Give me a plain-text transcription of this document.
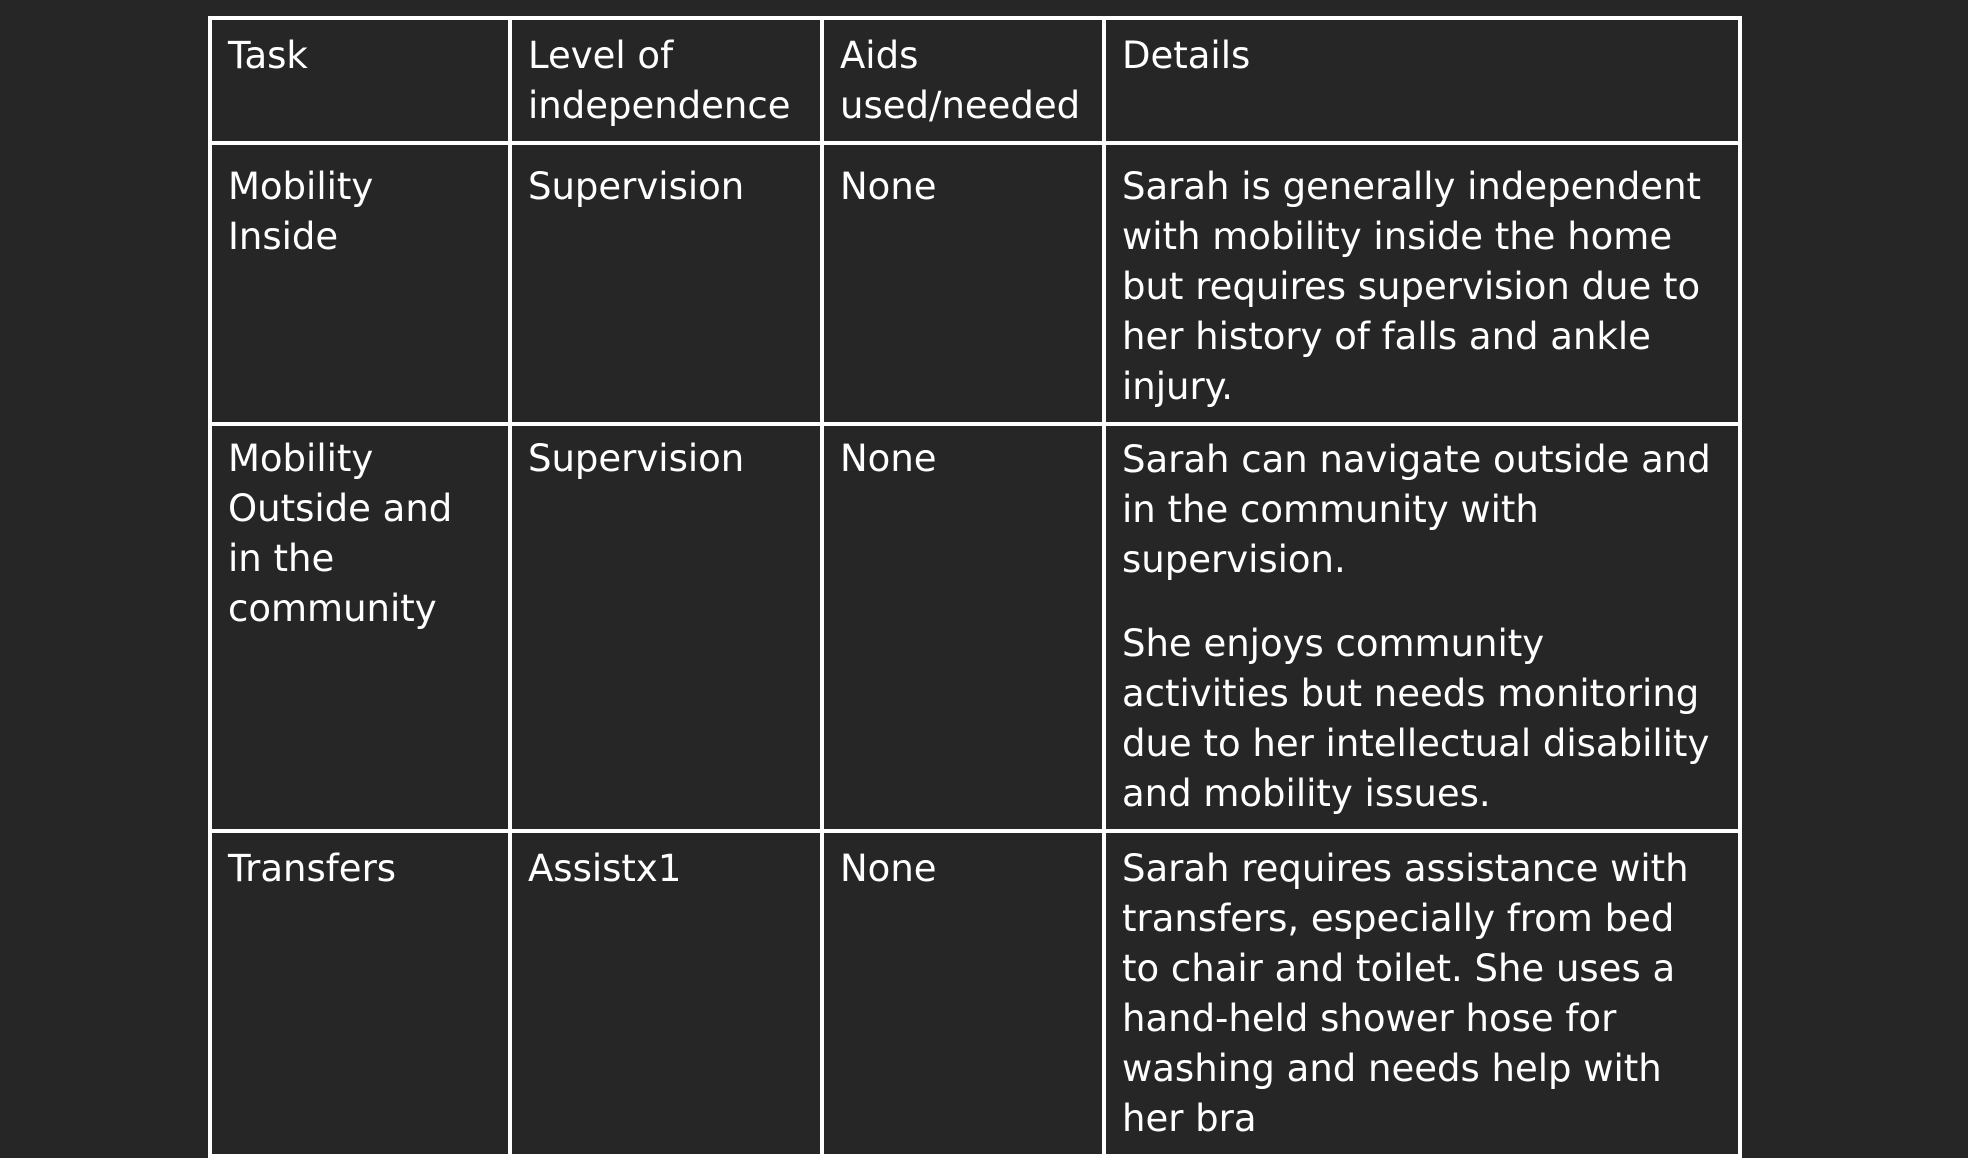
Task	Level of independence	Aids used/needed	Details
Mobility Inside	Supervision	None	Sarah is generally independent with mobility inside the home but requires supervision due to her history of falls and ankle injury.

Mobility Outside and in the community	Supervision	None	Sarah can navigate outside and in the community with supervision.

She enjoys community activities but needs monitoring due to her intellectual disability and mobility issues.

Transfers	Assistx1	None	Sarah requires assistance with transfers, especially from bed to chair and toilet. She uses a hand-held shower hose for washing and needs help with her bra
